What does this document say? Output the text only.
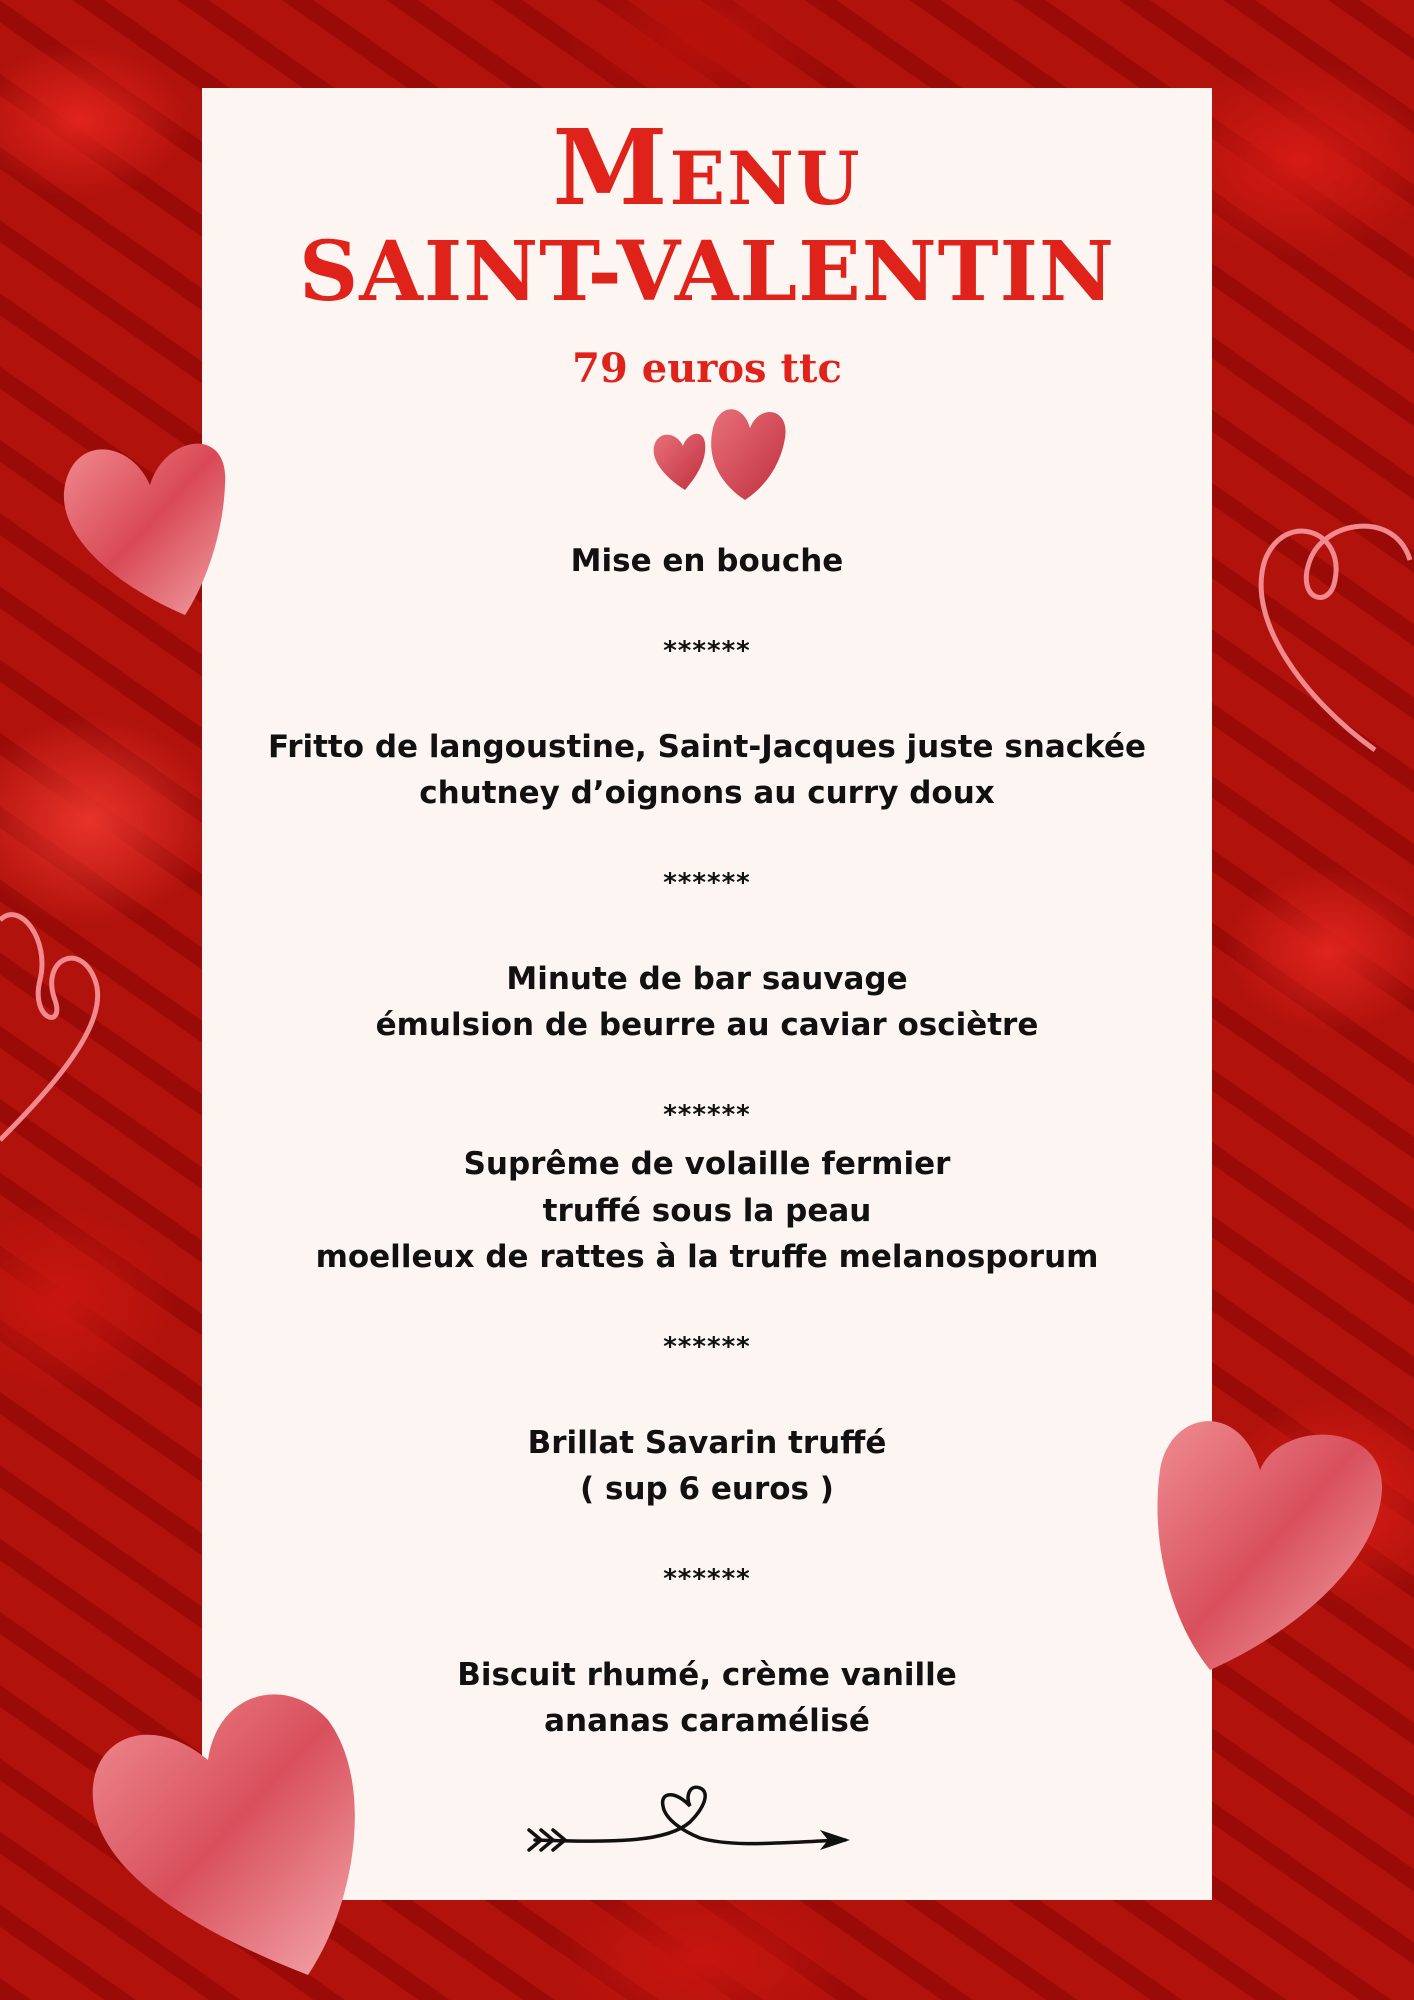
Menu
SAINT-VALENTIN
79 euros ttc
Mise en bouche
******
Fritto de langoustine, Saint-Jacques juste snackée
chutney d’oignons au curry doux
******
Minute de bar sauvage
émulsion de beurre au caviar osciètre
******
Suprême de volaille fermier
truffé sous la peau
moelleux de rattes à la truffe melanosporum
******
Brillat Savarin truffé
( sup 6 euros )
******
Biscuit rhumé, crème vanille
ananas caramélisé
